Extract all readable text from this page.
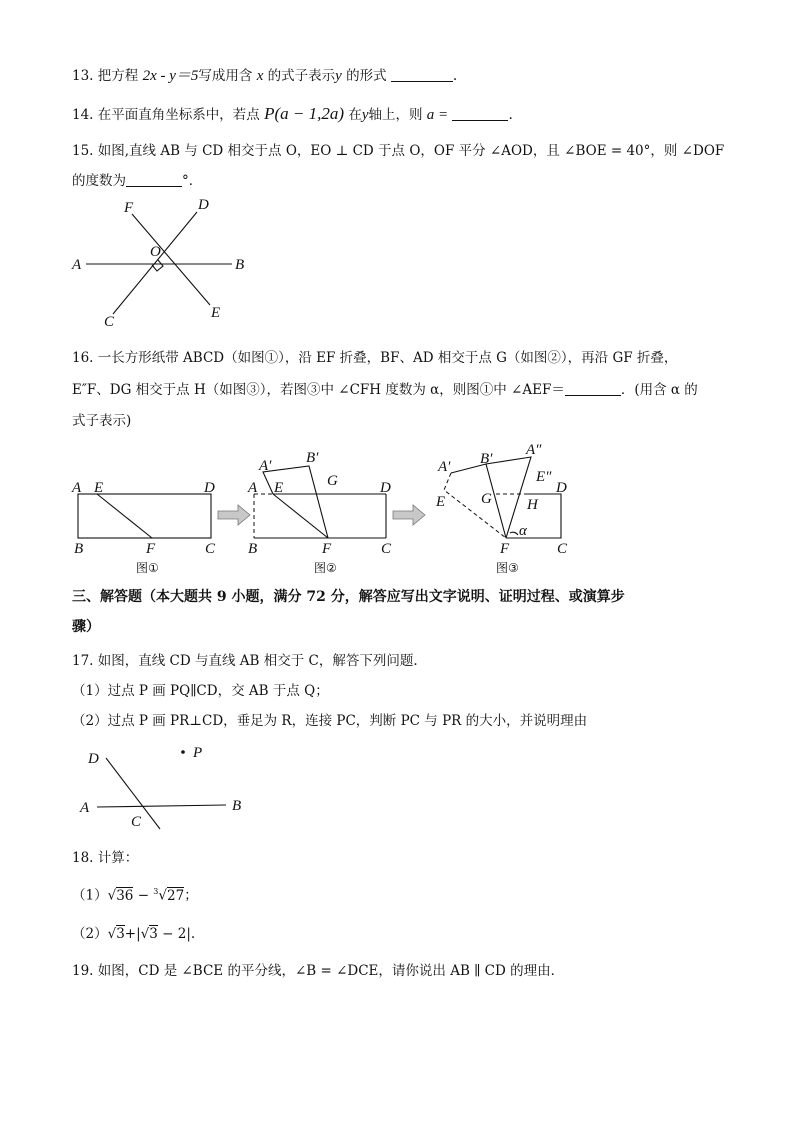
13. 把方程 2x - y＝5写成用含 x 的式子表示y 的形式	.
14. 在平面直角坐标系中，若点 P(a − 1,2a) 在y轴上，则 a =	.
15. 如图,直线 AB 与 CD 相交于点 O，EO ⊥ CD 于点 O，OF 平分 ∠AOD，且 ∠BOE = 40°，则 ∠DOF
的度数为	°．
F	D
O
A	B
C
E
A E	D
B	F	C
图①
A′ B′
G
A E	D
B	F	C
图②
A′ B′
A″
E″
D
E G H
α
F	C
图③
D	P
A	B
C
16. 一长方形纸带 ABCD（如图①），沿 EF 折叠，BF、AD 相交于点 G（如图②），再沿 GF 折叠，
E″F、DG 相交于点 H（如图③），若图③中 ∠CFH 度数为 α，则图①中 ∠AEF＝	．(用含 α 的
式子表示)
三、解答题（本大题共 9 小题，满分 72 分，解答应写出文字说明、证明过程、或演算步
骤）
17. 如图，直线 CD 与直线 AB 相交于 C，解答下列问题.
（1）过点 P 画 PQ∥CD，交 AB 于点 Q；
（2）过点 P 画 PR⊥CD，垂足为 R，连接 PC，判断 PC 与 PR 的大小，并说明理由
18. 计算：
（1）√36 − $^3$√27；
（2）√3+|√3 − 2|.
19. 如图，CD 是 ∠BCE 的平分线，∠B = ∠DCE，请你说出 AB ∥ CD 的理由．
